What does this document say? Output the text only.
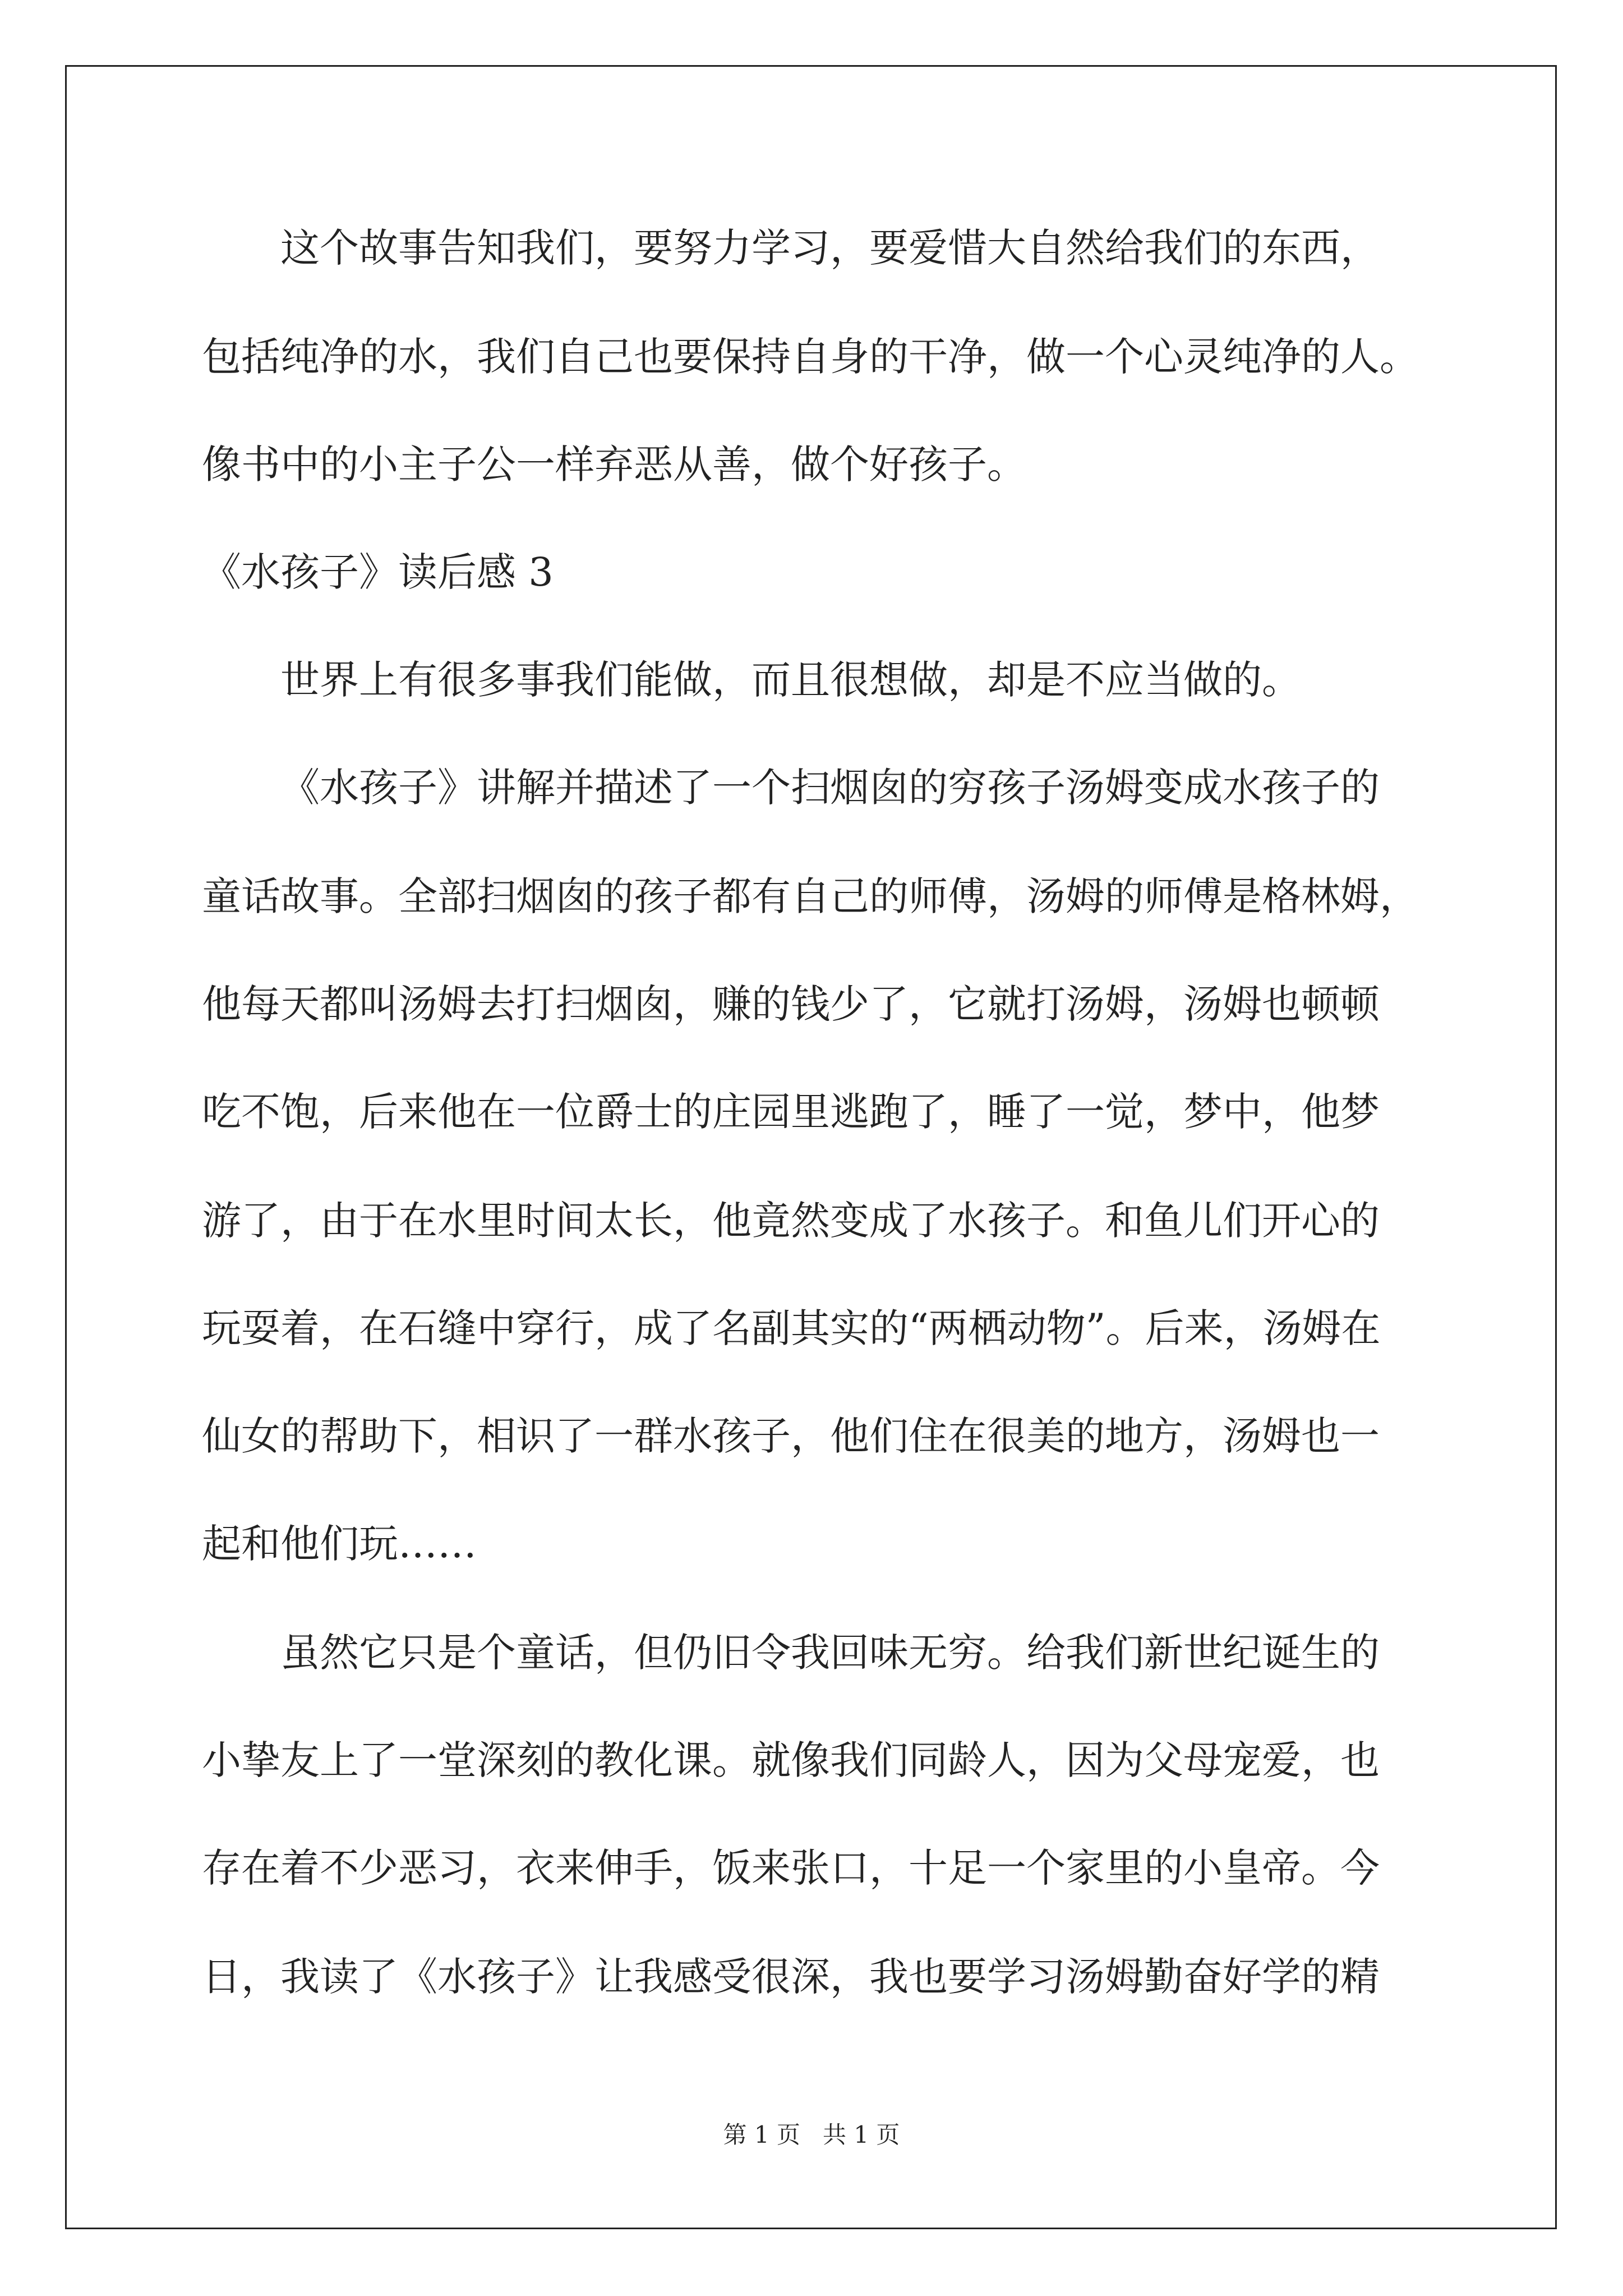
这个故事告知我们，要努力学习，要爱惜大自然给我们的东西，

包括纯净的水，我们自己也要保持自身的干净，做一个心灵纯净的人。

像书中的小主子公一样弃恶从善，做个好孩子。

《水孩子》读后感 3

世界上有很多事我们能做，而且很想做，却是不应当做的。

《水孩子》讲解并描述了一个扫烟囱的穷孩子汤姆变成水孩子的

童话故事。全部扫烟囱的孩子都有自己的师傅，汤姆的师傅是格林姆，

他每天都叫汤姆去打扫烟囱，赚的钱少了，它就打汤姆，汤姆也顿顿

吃不饱，后来他在一位爵士的庄园里逃跑了，睡了一觉，梦中，他梦

游了，由于在水里时间太长，他竟然变成了水孩子。和鱼儿们开心的

玩耍着，在石缝中穿行，成了名副其实的“两栖动物”。后来，汤姆在

仙女的帮助下，相识了一群水孩子，他们住在很美的地方，汤姆也一

起和他们玩……

虽然它只是个童话，但仍旧令我回味无穷。给我们新世纪诞生的

小挚友上了一堂深刻的教化课。就像我们同龄人，因为父母宠爱，也

存在着不少恶习，衣来伸手，饭来张口，十足一个家里的小皇帝。今

日，我读了《水孩子》让我感受很深，我也要学习汤姆勤奋好学的精

第 1 页 共 1 页
